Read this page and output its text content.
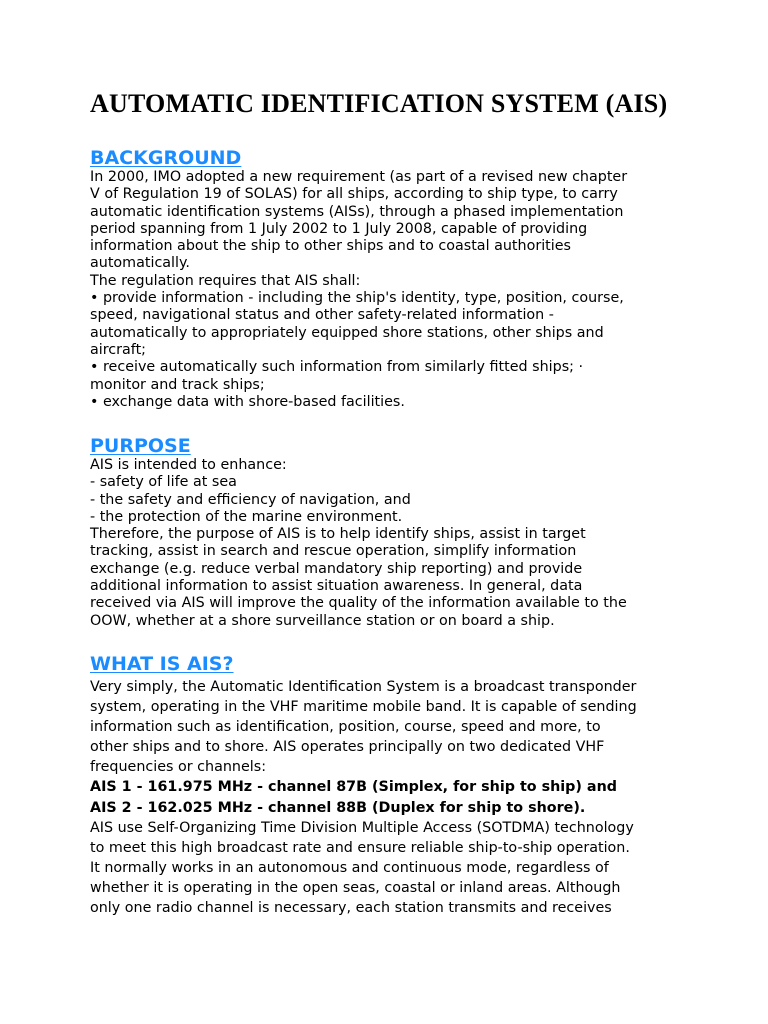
AUTOMATIC IDENTIFICATION SYSTEM (AIS)
BACKGROUND
In 2000, IMO adopted a new requirement (as part of a revised new chapter
V of Regulation 19 of SOLAS) for all ships, according to ship type, to carry
automatic identification systems (AISs), through a phased implementation
period spanning from 1 July 2002 to 1 July 2008, capable of providing
information about the ship to other ships and to coastal authorities
automatically.
The regulation requires that AIS shall:
• provide information - including the ship's identity, type, position, course,
speed, navigational status and other safety-related information -
automatically to appropriately equipped shore stations, other ships and
aircraft;
• receive automatically such information from similarly fitted ships; ·
monitor and track ships;
• exchange data with shore-based facilities.
PURPOSE
AIS is intended to enhance:
- safety of life at sea
- the safety and efficiency of navigation, and
- the protection of the marine environment.
Therefore, the purpose of AIS is to help identify ships, assist in target
tracking, assist in search and rescue operation, simplify information
exchange (e.g. reduce verbal mandatory ship reporting) and provide
additional information to assist situation awareness. In general, data
received via AIS will improve the quality of the information available to the
OOW, whether at a shore surveillance station or on board a ship.
WHAT IS AIS?
Very simply, the Automatic Identification System is a broadcast transponder
system, operating in the VHF maritime mobile band. It is capable of sending
information such as identification, position, course, speed and more, to
other ships and to shore. AIS operates principally on two dedicated VHF
frequencies or channels:
AIS 1 - 161.975 MHz - channel 87B (Simplex, for ship to ship) and
AIS 2 - 162.025 MHz - channel 88B (Duplex for ship to shore).
AIS use Self-Organizing Time Division Multiple Access (SOTDMA) technology
to meet this high broadcast rate and ensure reliable ship-to-ship operation.
It normally works in an autonomous and continuous mode, regardless of
whether it is operating in the open seas, coastal or inland areas. Although
only one radio channel is necessary, each station transmits and receives
